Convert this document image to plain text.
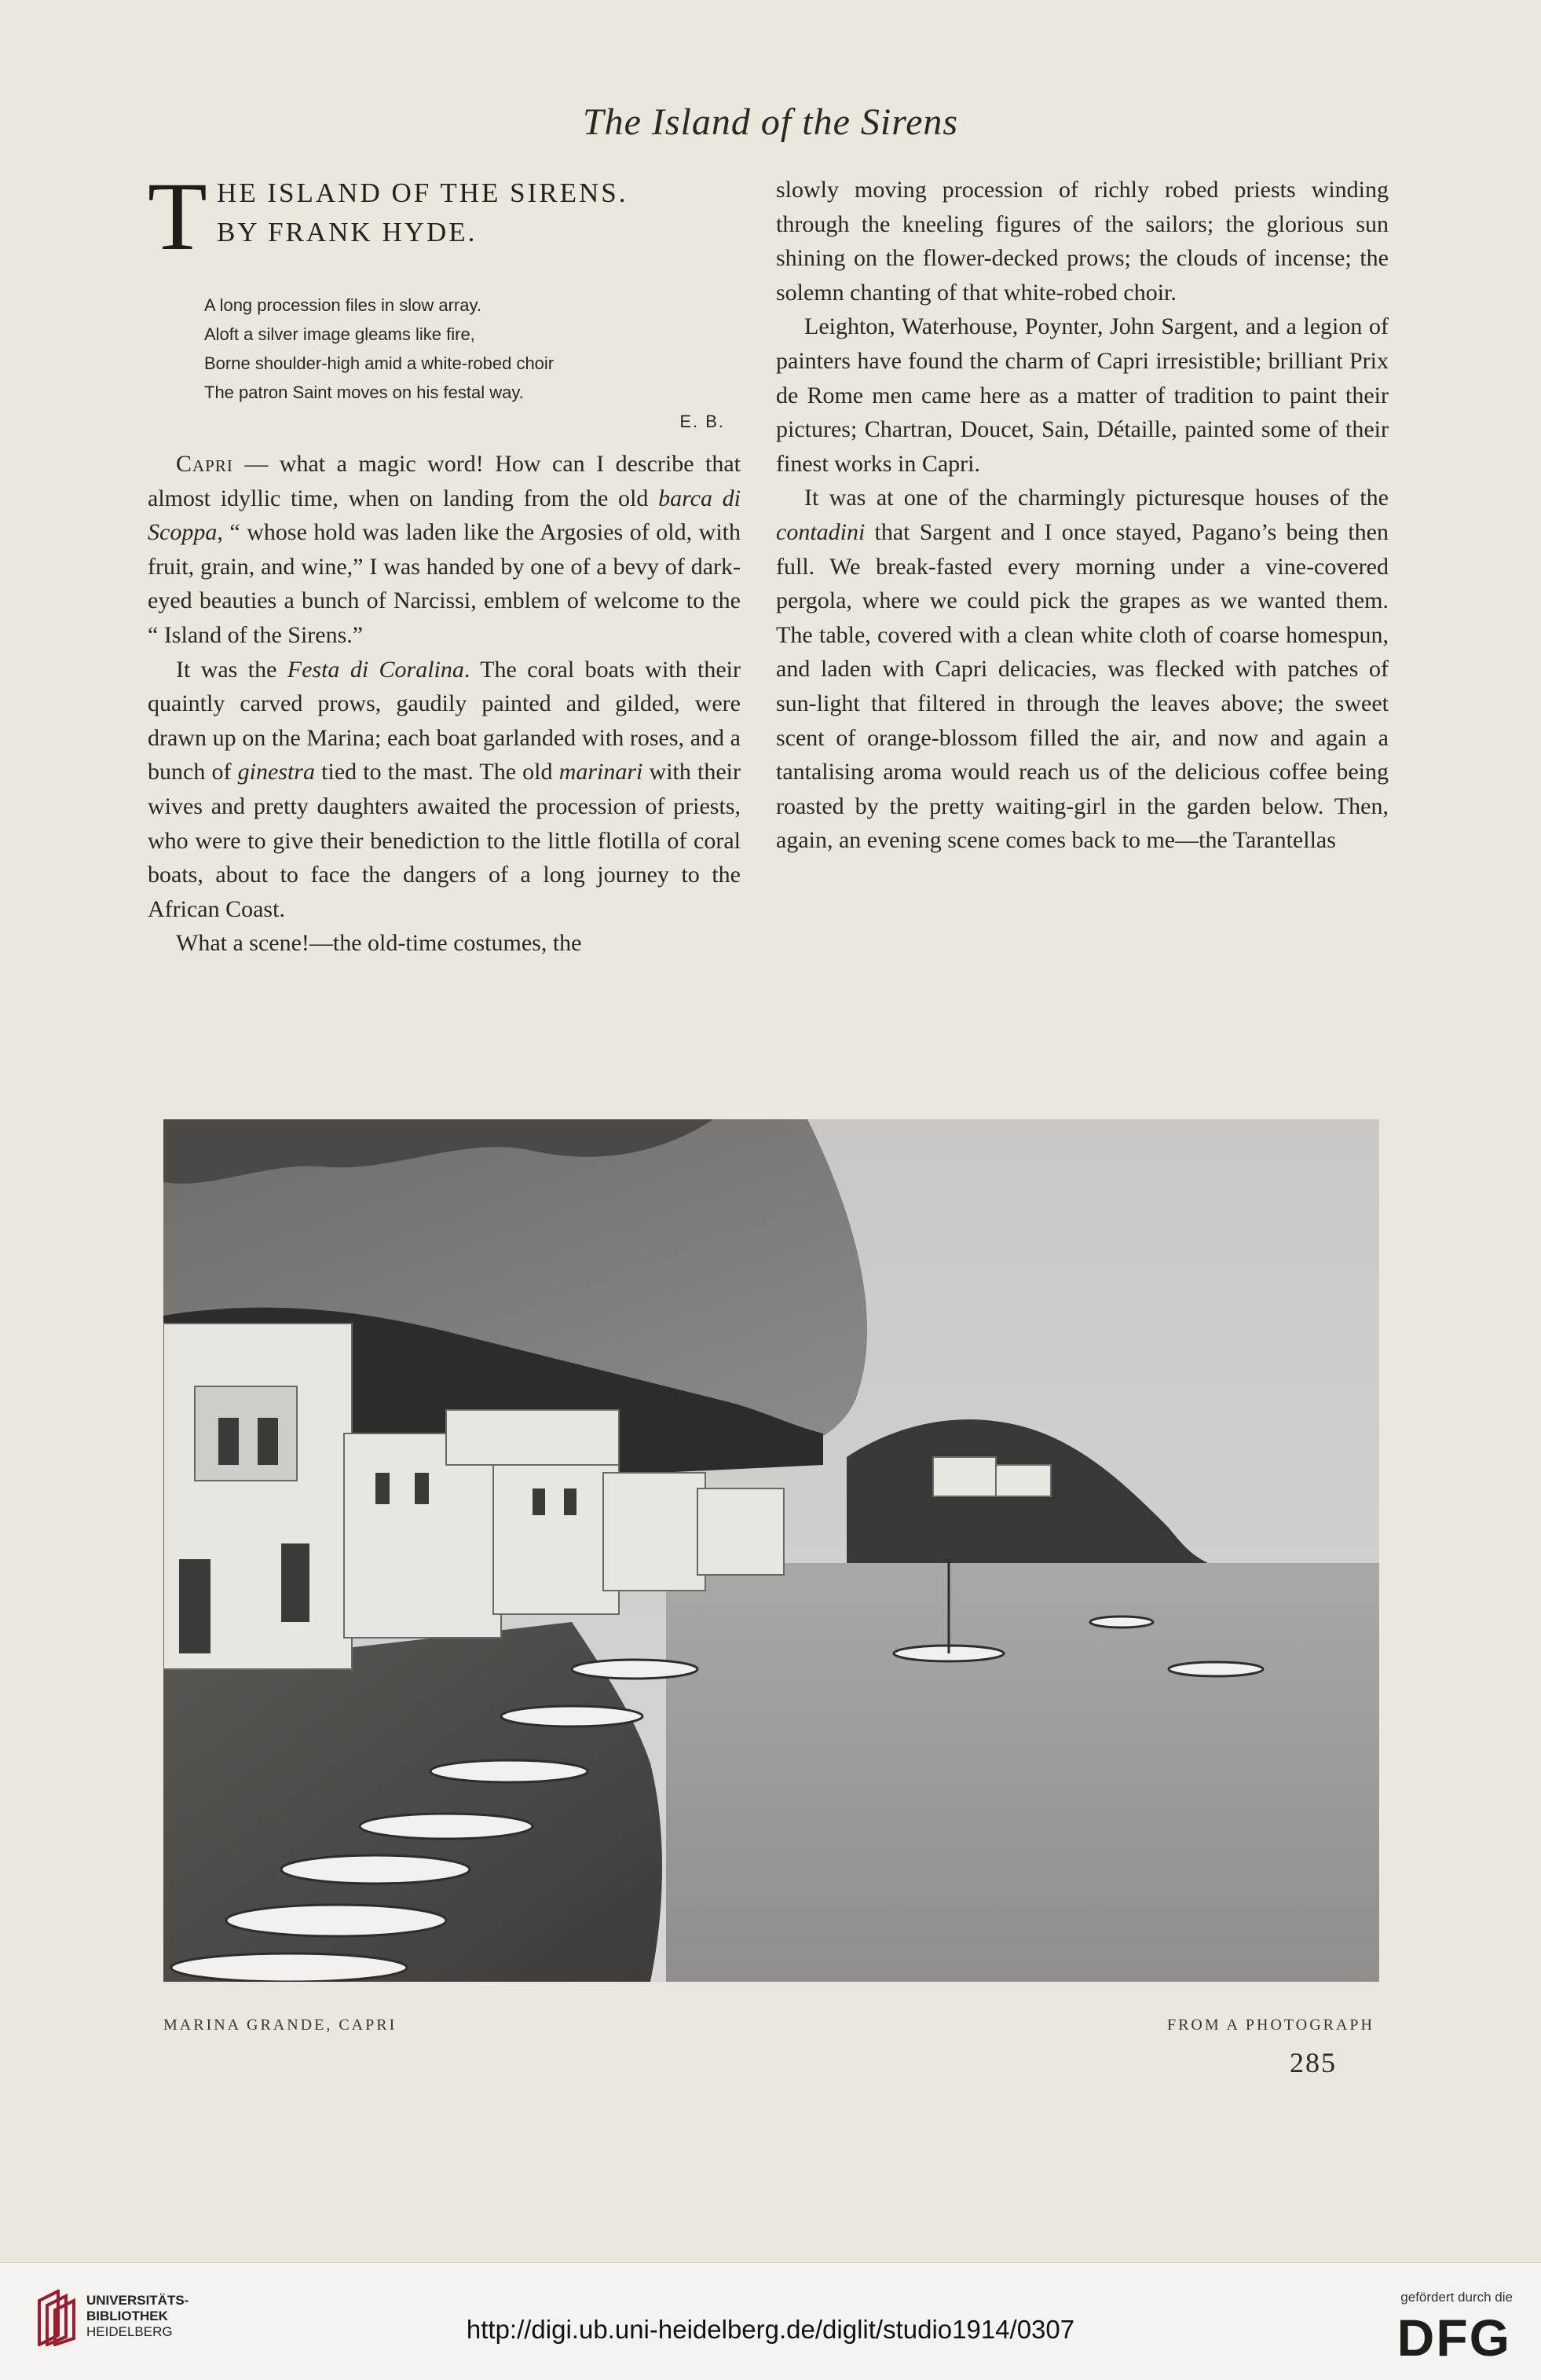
The Island of the Sirens
T HE ISLAND OF THE SIRENS.
BY FRANK HYDE.
A long procession files in slow array.
Aloft a silver image gleams like fire,
Borne shoulder-high amid a white-robed choir
The patron Saint moves on his festal way.
E. B.

Capri — what a magic word! How can I describe that almost idyllic time, when on landing from the old barca di Scoppa, “ whose hold was laden like the Argosies of old, with fruit, grain, and wine,” I was handed by one of a bevy of dark-eyed beauties a bunch of Narcissi, emblem of welcome to the “ Island of the Sirens.”

It was the Festa di Coralina. The coral boats with their quaintly carved prows, gaudily painted and gilded, were drawn up on the Marina; each boat garlanded with roses, and a bunch of ginestra tied to the mast. The old marinari with their wives and pretty daughters awaited the procession of priests, who were to give their benediction to the little flotilla of coral boats, about to face the dangers of a long journey to the African Coast.

What a scene!—the old-time costumes, the

slowly moving procession of richly robed priests winding through the kneeling figures of the sailors; the glorious sun shining on the flower-decked prows; the clouds of incense; the solemn chanting of that white-robed choir.

Leighton, Waterhouse, Poynter, John Sargent, and a legion of painters have found the charm of Capri irresistible; brilliant Prix de Rome men came here as a matter of tradition to paint their pictures; Chartran, Doucet, Sain, Détaille, painted some of their finest works in Capri.

It was at one of the charmingly picturesque houses of the contadini that Sargent and I once stayed, Pagano’s being then full. We break-fasted every morning under a vine-covered pergola, where we could pick the grapes as we wanted them. The table, covered with a clean white cloth of coarse homespun, and laden with Capri delicacies, was flecked with patches of sun-light that filtered in through the leaves above; the sweet scent of orange-blossom filled the air, and now and again a tantalising aroma would reach us of the delicious coffee being roasted by the pretty waiting-girl in the garden below. Then, again, an evening scene comes back to me—the Tarantellas

MARINA GRANDE, CAPRI	FROM A PHOTOGRAPH
285
UNIVERSITÄTS-
BIBLIOTHEK
HEIDELBERG	http://digi.ub.uni-heidelberg.de/diglit/studio1914/0307
gefördert durch die
DFG
